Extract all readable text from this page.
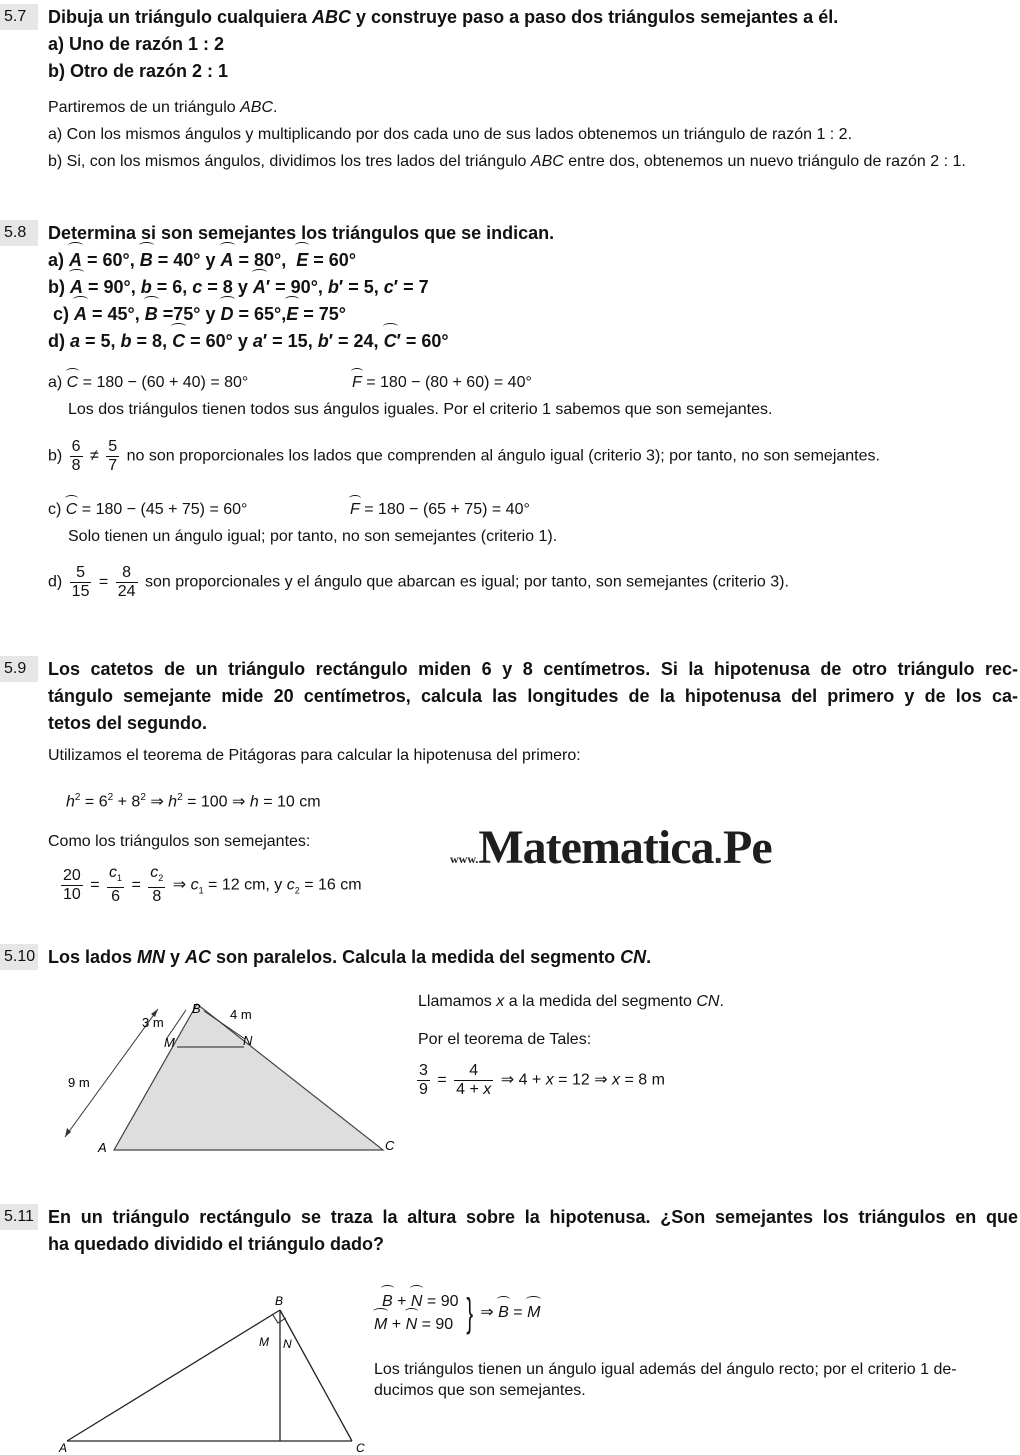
5.7	Dibuja un triángulo cualquiera ABC y construye paso a paso dos triángulos semejantes a él.
a) Uno de razón 1 : 2
b) Otro de razón 2 : 1
Partiremos de un triángulo ABC.
a) Con los mismos ángulos y multiplicando por dos cada uno de sus lados obtenemos un triángulo de razón 1 : 2.
b) Si, con los mismos ángulos, dividimos los tres lados del triángulo ABC entre dos, obtenemos un nuevo triángulo de razón 2 : 1.
5.8	Determina si son semejantes los triángulos que se indican.
a) A = 60°, B = 40° y A = 80°,  E = 60°
b) A = 90°, b = 6, c = 8 y A′ = 90°, b′ = 5, c′ = 7
c) A = 45°, B =75° y D = 65°,E = 75°
d) a = 5, b = 8, C = 60° y a′ = 15, b′ = 24, C′ = 60°
a) C = 180 − (60 + 40) = 80°	F = 180 − (80 + 60) = 40°
Los dos triángulos tienen todos sus ángulos iguales. Por el criterio 1 sabemos que son semejantes.
$b) \frac{6}{8} \ne \frac{5}{7}$ no son proporcionales los lados que comprenden al ángulo igual (criterio 3); por tanto, no son semejantes.
c) C = 180 − (45 + 75) = 60°	F = 180 − (65 + 75) = 40°
Solo tienen un ángulo igual; por tanto, no son semejantes (criterio 1).
$d) \frac{5}{15} = \frac{8}{24}$ son proporcionales y el ángulo que abarcan es igual; por tanto, son semejantes (criterio 3).
5.9	Los catetos de un triángulo rectángulo miden 6 y 8 centímetros. Si la hipotenusa de otro triángulo rec-
tángulo semejante mide 20 centímetros, calcula las longitudes de la hipotenusa del primero y de los ca-
tetos del segundo.
Utilizamos el teorema de Pitágoras para calcular la hipotenusa del primero:
$h^2 = 6^2 + 8^2$ ⇒ $h^2 = 100$ ⇒ h = 10 cm
Como los triángulos son semejantes:
$\frac{20}{10} = \frac{c_1}{6} = \frac{c_2}{8}$ ⇒ $c_1 = 12$ cm, y $c_2 = 16$ cm
www.Matematica.Pe
5.10 Los lados MN y AC son paralelos. Calcula la medida del segmento CN.
B
M	N
A	C
3 m
4 m
9 m
Llamamos x a la medida del segmento CN.
Por el teorema de Tales:
$\frac{3}{9} = \frac{4}{4 + x}$ ⇒ 4 + x = 12 ⇒ x = 8 m
5.11 En un triángulo rectángulo se traza la altura sobre la hipotenusa. ¿Son semejantes los triángulos en que
ha quedado dividido el triángulo dado?
B
M N
A	C
B + N = 90
M + N = 90 } ⇒ B = M
Los triángulos tienen un ángulo igual además del ángulo recto; por el criterio 1 de-
ducimos que son semejantes.
